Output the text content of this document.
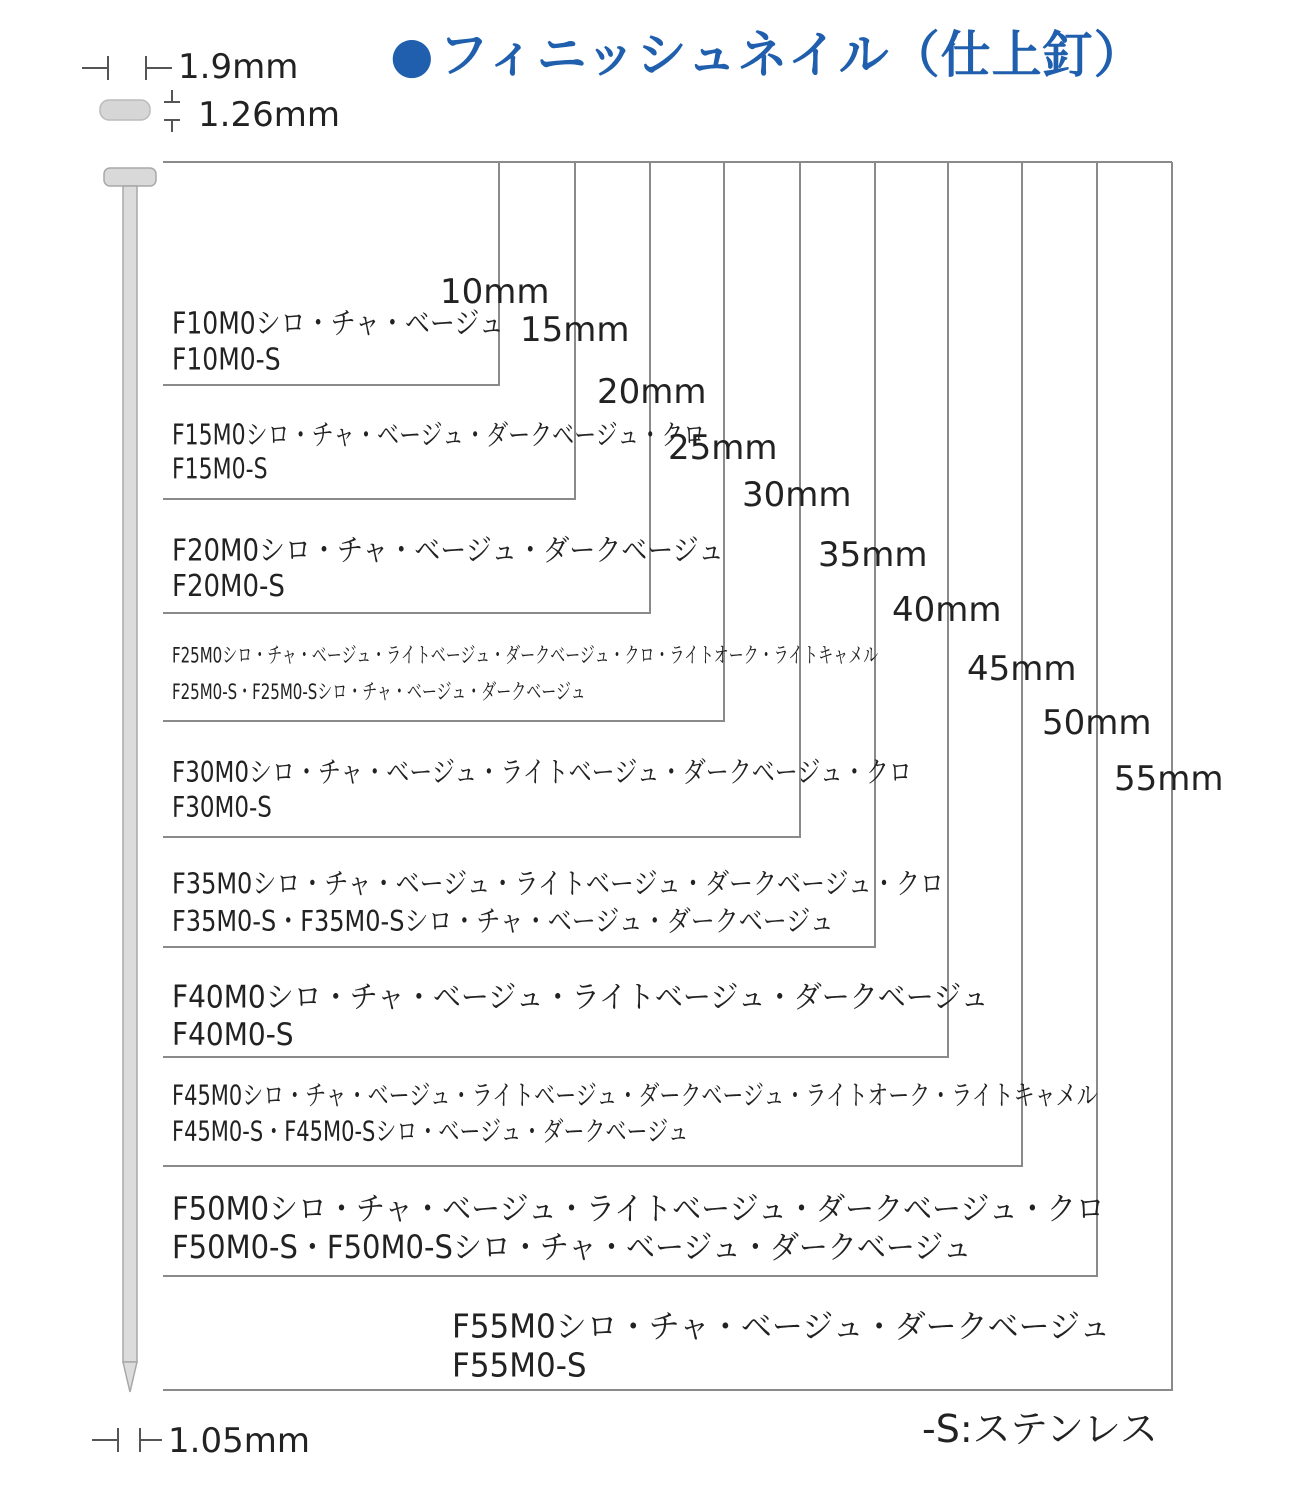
●フィニッシュネイル（仕上釘）
1.9mm
1.26mm
1.05mm
10mm
15mm
20mm
25mm
30mm
35mm
40mm
45mm
50mm
55mm
F10M0シロ・チャ・ベージュ
F10M0-S
F15M0シロ・チャ・ベージュ・ダークベージュ・クロ
F15M0-S
F20M0シロ・チャ・ベージュ・ダークベージュ
F20M0-S
F25M0シロ・チャ・ベージュ・ライトベージュ・ダークベージュ・クロ・ライトオーク・ライトキャメル
F25M0-S・F25M0-Sシロ・チャ・ベージュ・ダークベージュ
F30M0シロ・チャ・ベージュ・ライトベージュ・ダークベージュ・クロ
F30M0-S
F35M0シロ・チャ・ベージュ・ライトベージュ・ダークベージュ・クロ
F35M0-S・F35M0-Sシロ・チャ・ベージュ・ダークベージュ
F40M0シロ・チャ・ベージュ・ライトベージュ・ダークベージュ
F40M0-S
F45M0シロ・チャ・ベージュ・ライトベージュ・ダークベージュ・ライトオーク・ライトキャメル
F45M0-S・F45M0-Sシロ・ベージュ・ダークベージュ
F50M0シロ・チャ・ベージュ・ライトベージュ・ダークベージュ・クロ
F50M0-S・F50M0-Sシロ・チャ・ベージュ・ダークベージュ
F55M0シロ・チャ・ベージュ・ダークベージュ
F55M0-S
-S:ステンレス
